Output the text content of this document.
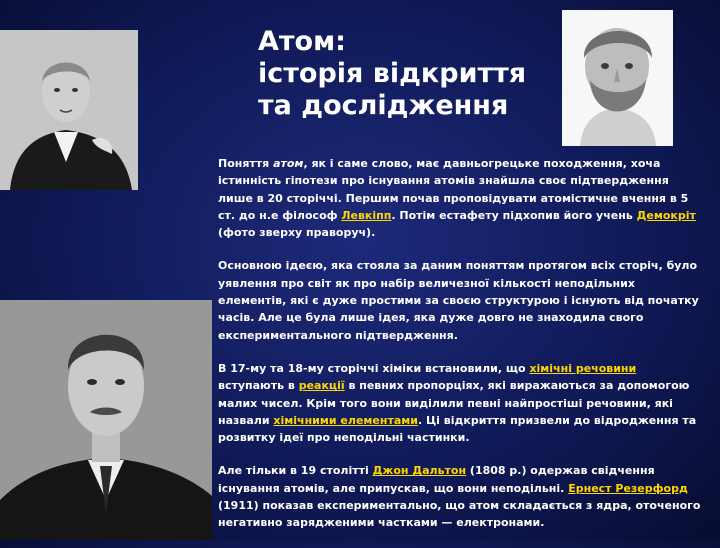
Атом:
історія відкриття
та дослідження

Поняття атом, як і саме слово, має давньогрецьке походження, хоча істинність гіпотези про існування атомів знайшла своє підтвердження лише в 20 сторіччі. Першим почав проповідувати атомістичне вчення в 5 ст. до н.е філософ Левкіпп. Потім естафету підхопив його учень Демокріт (фото зверху праворуч).

Основною ідеєю, яка стояла за даним поняттям протягом всіх сторіч, було уявлення про світ як про набір величезної кількості неподільних елементів, які є дуже простими за своєю структурою і існують від початку часів. Але це була лише ідея, яка дуже довго не знаходила свого експериментального підтвердження.

В 17-му та 18-му сторіччі хіміки встановили, що хімічні речовини вступають в реакції в певних пропорціях, які виражаються за допомогою малих чисел. Крім того вони виділили певні найпростіші речовини, які назвали хімічними елементами. Ці відкриття призвели до відродження та розвитку ідеї про неподільні частинки.

Але тільки в 19 столітті Джон Дальтон (1808 р.) одержав свідчення існування атомів, але припускав, що вони неподільні. Ернест Резерфорд (1911) показав експериментально, що атом складається з ядра, оточеного негативно зарядженими частками — електронами.
